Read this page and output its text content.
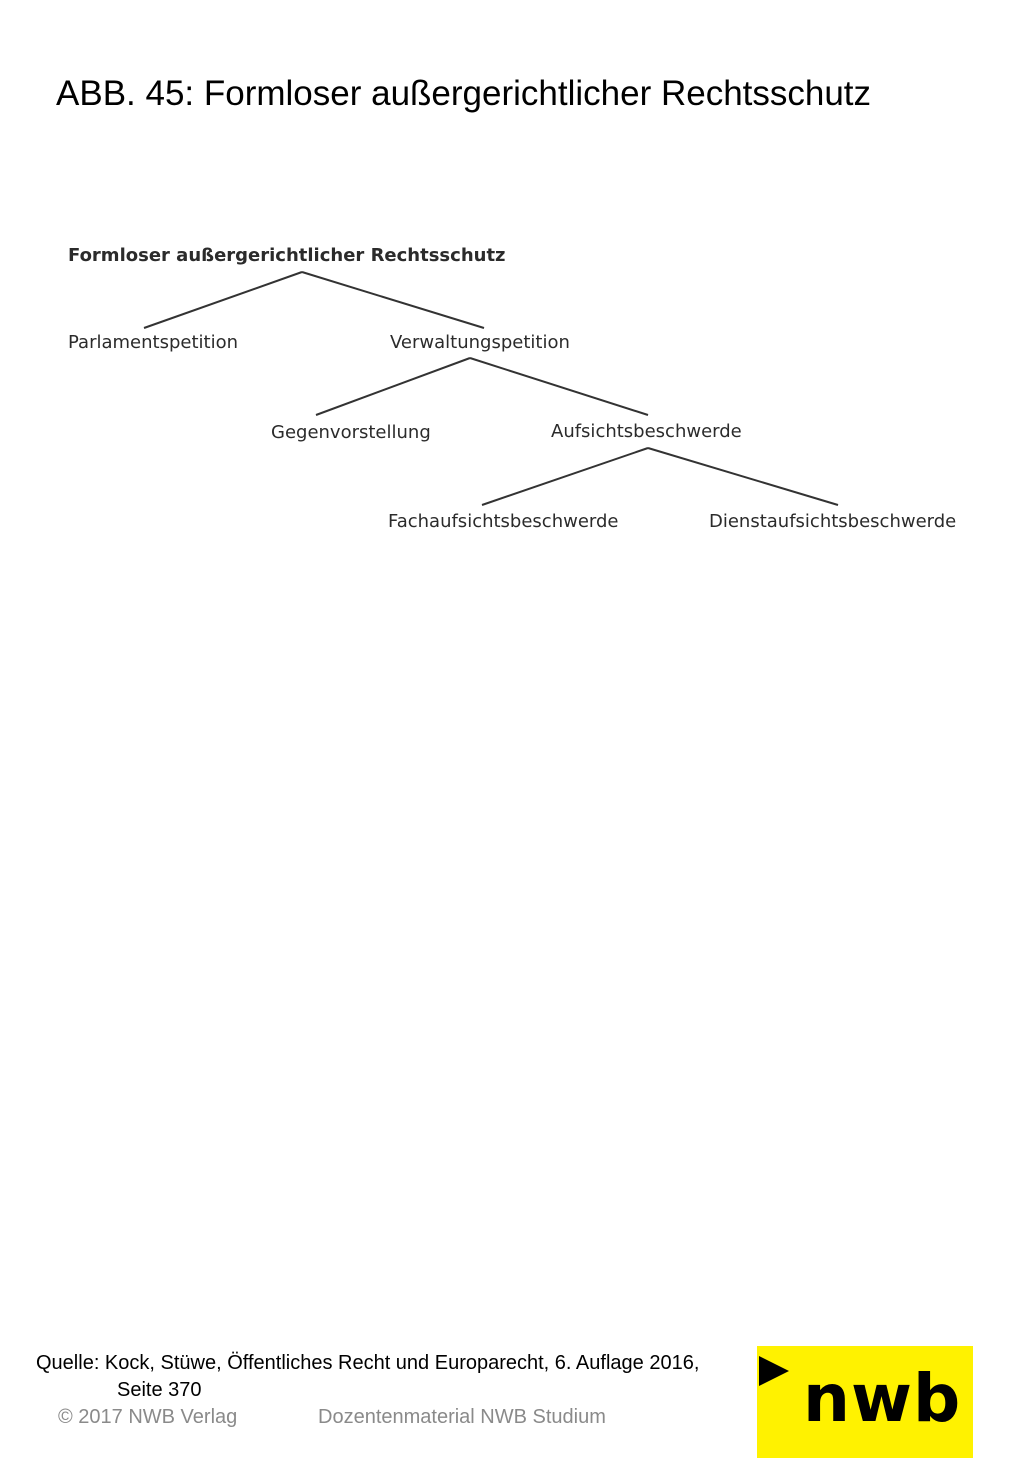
ABB. 45: Formloser außergerichtlicher Rechtsschutz
Formloser außergerichtlicher Rechtsschutz
Parlamentspetition	Verwaltungspetition
Gegenvorstellung	Aufsichtsbeschwerde
Fachaufsichtsbeschwerde	Dienstaufsichtsbeschwerde
nwb
Quelle: Kock, Stüwe, Öffentliches Recht und Europarecht, 6. Auflage 2016,
Seite 370
© 2017 NWB Verlag	Dozentenmaterial NWB Studium
